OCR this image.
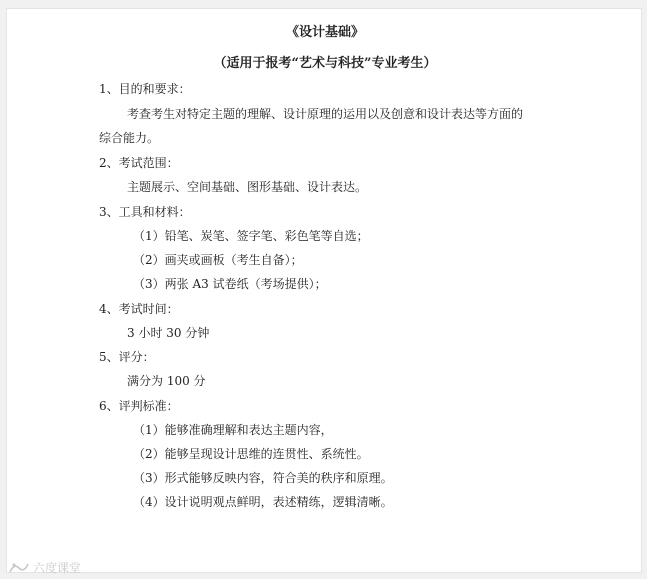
《设计基础》
（适用于报考“艺术与科技”专业考生）
1、目的和要求：
考查考生对特定主题的理解、设计原理的运用以及创意和设计表达等方面的
综合能力。
2、考试范围：
主题展示、空间基础、图形基础、设计表达。
3、工具和材料：
（1）铅笔、炭笔、签字笔、彩色笔等自选；
（2）画夹或画板（考生自备）；
（3）两张 A3 试卷纸（考场提供）；
4、考试时间：
3 小时 30 分钟
5、评分：
满分为 100 分
6、评判标准：
（1）能够准确理解和表达主题内容，
（2）能够呈现设计思维的连贯性、系统性。
（3）形式能够反映内容，符合美的秩序和原理。
（4）设计说明观点鲜明，表述精练，逻辑清晰。
六度课堂
